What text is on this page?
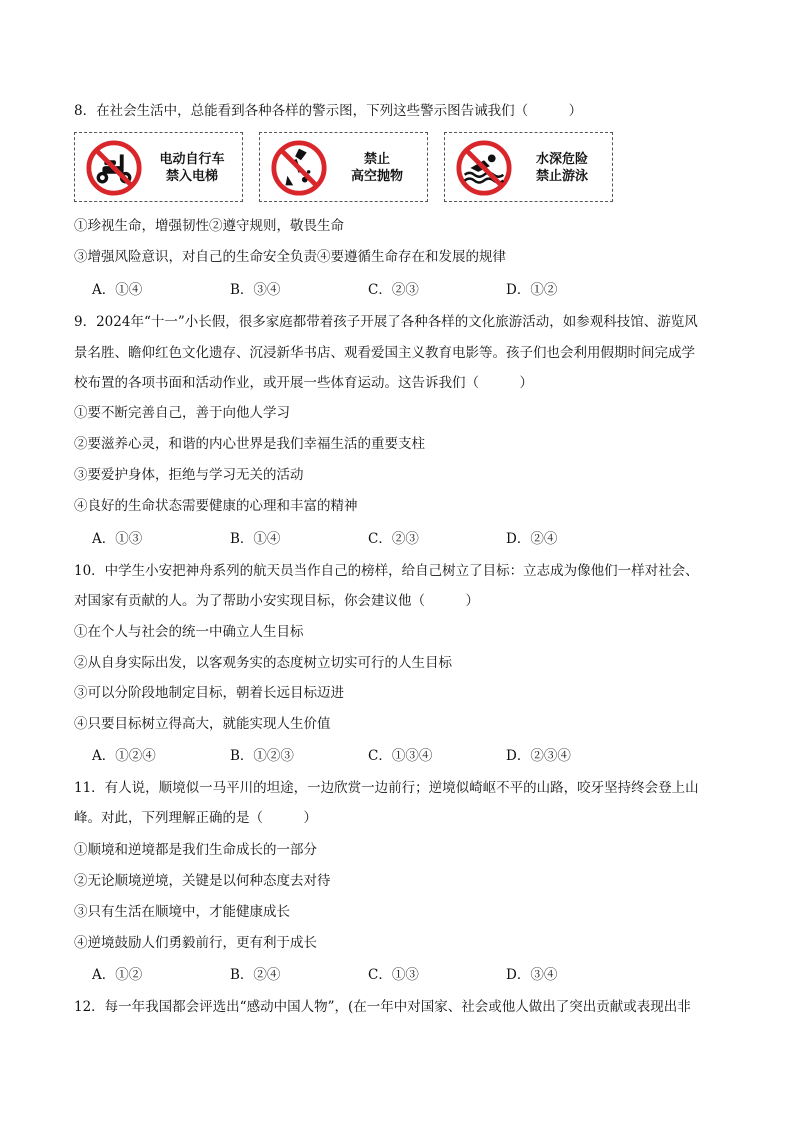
8．在社会生活中，总能看到各种各样的警示图，下列这些警示图告诫我们（　　　）
电动自行车
禁入电梯
禁止
高空抛物
水深危险
禁止游泳
①珍视生命，增强韧性②遵守规则，敬畏生命
③增强风险意识，对自己的生命安全负责④要遵循生命存在和发展的规律
A．①④	B．③④	C．②③	D．①②
9．2024年“十一”小长假，很多家庭都带着孩子开展了各种各样的文化旅游活动，如参观科技馆、游览风
景名胜、瞻仰红色文化遗存、沉浸新华书店、观看爱国主义教育电影等。孩子们也会利用假期时间完成学
校布置的各项书面和活动作业，或开展一些体育运动。这告诉我们（　　　）
①要不断完善自己，善于向他人学习
②要滋养心灵，和谐的内心世界是我们幸福生活的重要支柱
③要爱护身体，拒绝与学习无关的活动
④良好的生命状态需要健康的心理和丰富的精神
A．①③	B．①④	C．②③	D．②④
10．中学生小安把神舟系列的航天员当作自己的榜样，给自己树立了目标：立志成为像他们一样对社会、
对国家有贡献的人。为了帮助小安实现目标，你会建议他（　　　）
①在个人与社会的统一中确立人生目标
②从自身实际出发，以客观务实的态度树立切实可行的人生目标
③可以分阶段地制定目标，朝着长远目标迈进
④只要目标树立得高大，就能实现人生价值
A．①②④	B．①②③	C．①③④	D．②③④
11．有人说，顺境似一马平川的坦途，一边欣赏一边前行；逆境似崎岖不平的山路，咬牙坚持终会登上山
峰。对此，下列理解正确的是（　　　）
①顺境和逆境都是我们生命成长的一部分
②无论顺境逆境，关键是以何种态度去对待
③只有生活在顺境中，才能健康成长
④逆境鼓励人们勇毅前行，更有利于成长
A．①②	B．②④	C．①③	D．③④
12．每一年我国都会评选出“感动中国人物”，(在一年中对国家、社会或他人做出了突出贡献或表现出非
